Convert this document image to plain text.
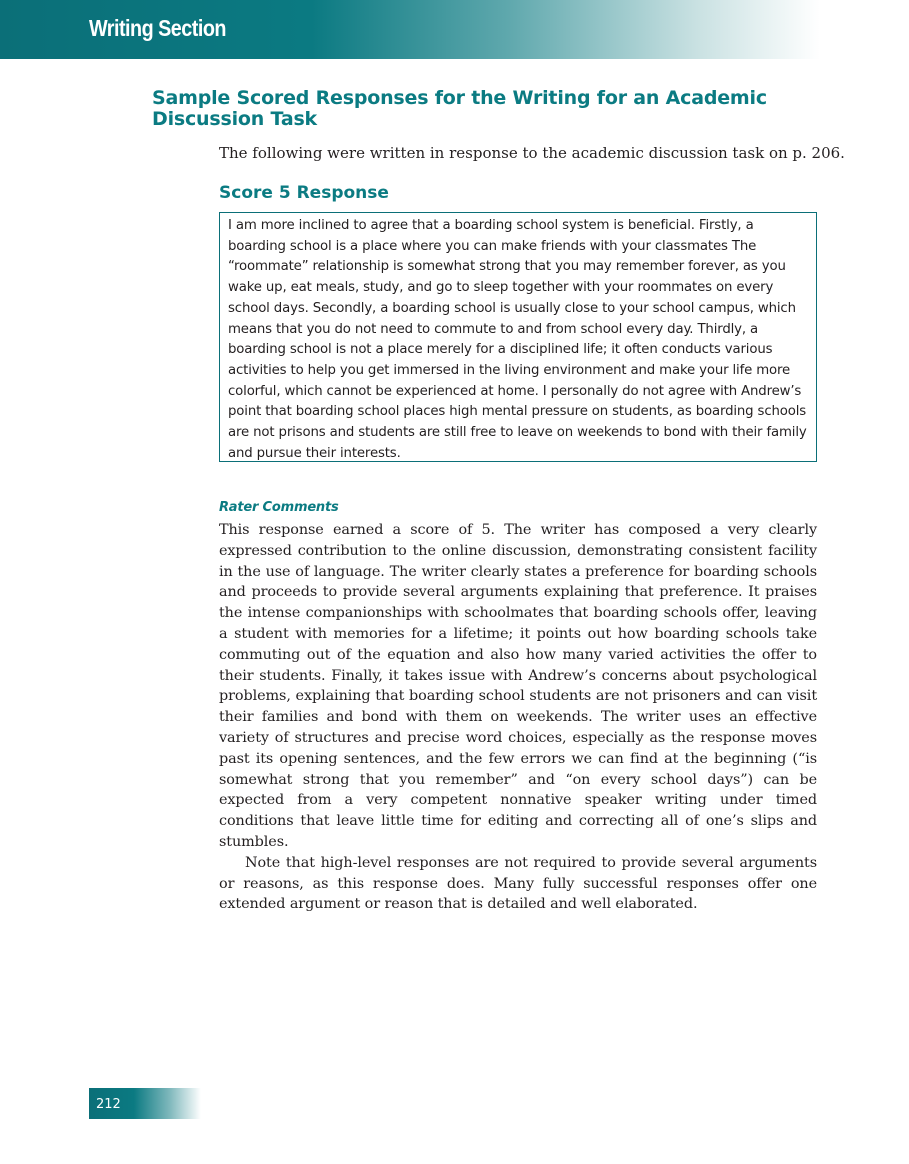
Writing Section
Sample Scored Responses for the Writing for an Academic
Discussion Task

The following were written in response to the academic discussion task on p. 206.

Score 5 Response

I am more inclined to agree that a boarding school system is beneficial. Firstly, a boarding school is a place where you can make friends with your classmates The “roommate” relationship is somewhat strong that you may remember forever, as you wake up, eat meals, study, and go to sleep together with your roommates on every school days. Secondly, a boarding school is usually close to your school campus, which means that you do not need to commute to and from school every day. Thirdly, a boarding school is not a place merely for a disciplined life; it often conducts various activities to help you get immersed in the living environment and make your life more colorful, which cannot be experienced at home. I personally do not agree with Andrew’s point that boarding school places high mental pressure on students, as boarding schools are not prisons and students are still free to leave on weekends to bond with their family and pursue their interests.

Rater Comments

This response earned a score of 5. The writer has composed a very clearly expressed contribution to the online discussion, demonstrating consistent facility in the use of language. The writer clearly states a preference for boarding schools and proceeds to provide several arguments explaining that preference. It praises the intense companionships with schoolmates that boarding schools offer, leaving a student with memories for a lifetime; it points out how boarding schools take commuting out of the equation and also how many varied activities the offer to their students. Finally, it takes issue with Andrew’s concerns about psychological problems, explaining that boarding school students are not prisoners and can visit their families and bond with them on weekends. The writer uses an effective variety of structures and precise word choices, especially as the response moves past its opening sentences, and the few errors we can find at the beginning (“is somewhat strong that you remember” and “on every school days”) can be expected from a very competent nonnative speaker writing under timed conditions that leave little time for editing and correcting all of one’s slips and stumbles.

Note that high-level responses are not required to provide several arguments or reasons, as this response does. Many fully successful responses offer one extended argument or reason that is detailed and well elaborated.

212
